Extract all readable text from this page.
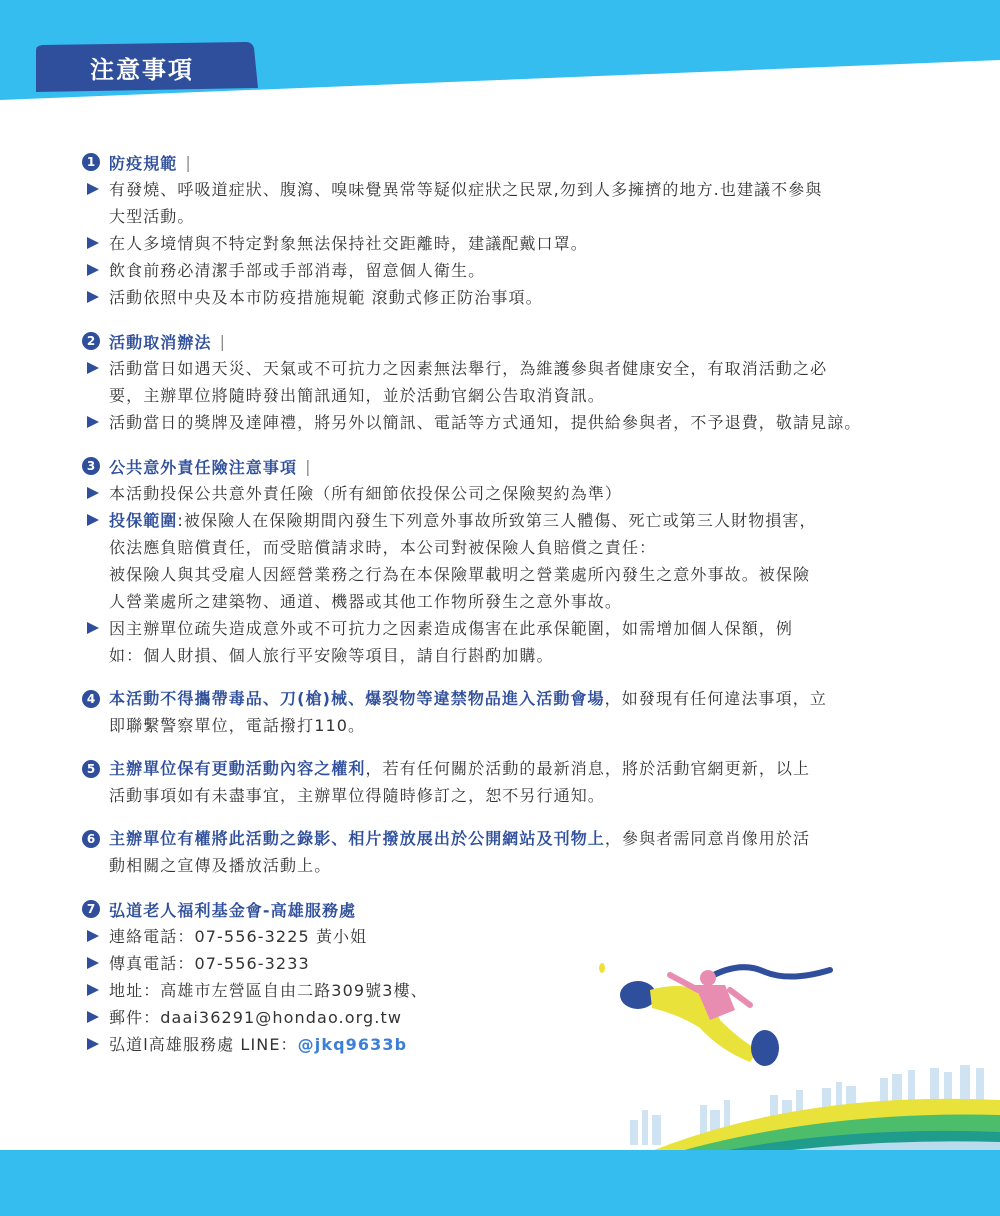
注意事項
1 防疫規範 |
有發燒、呼吸道症狀、腹瀉、嗅味覺異常等疑似症狀之民眾,勿到人多擁擠的地方.也建議不參與
大型活動。
在人多境情與不特定對象無法保持社交距離時，建議配戴口罩。
飲食前務必清潔手部或手部消毒，留意個人衛生。
活動依照中央及本市防疫措施規範 滾動式修正防治事項。
2 活動取消辦法 |
活動當日如遇天災、天氣或不可抗力之因素無法舉行，為維護參與者健康安全，有取消活動之必
要，主辦單位將隨時發出簡訊通知，並於活動官網公告取消資訊。
活動當日的獎牌及達陣禮，將另外以簡訊、電話等方式通知，提供給參與者，不予退費，敬請見諒。
3 公共意外責任險注意事項 |
本活動投保公共意外責任險（所有細節依投保公司之保險契約為準）
投保範圍:被保險人在保險期間內發生下列意外事故所致第三人體傷、死亡或第三人財物損害，
依法應負賠償責任，而受賠償請求時，本公司對被保險人負賠償之責任：
被保險人與其受雇人因經營業務之行為在本保險單載明之營業處所內發生之意外事故。被保險
人營業處所之建築物、通道、機器或其他工作物所發生之意外事故。
因主辦單位疏失造成意外或不可抗力之因素造成傷害在此承保範圍，如需增加個人保額，例
如：個人財損、個人旅行平安險等項目，請自行斟酌加購。
4 本活動不得攜帶毒品、刀(槍)械、爆裂物等違禁物品進入活動會場，如發現有任何違法事項，立
即聯繫警察單位，電話撥打110。
5 主辦單位保有更動活動內容之權利，若有任何關於活動的最新消息，將於活動官網更新，以上
活動事項如有未盡事宜，主辦單位得隨時修訂之，恕不另行通知。
6 主辦單位有權將此活動之錄影、相片撥放展出於公開網站及刊物上，參與者需同意肖像用於活
動相關之宣傳及播放活動上。
7 弘道老人福利基金會-高雄服務處
連絡電話：07-556-3225 黃小姐
傳真電話：07-556-3233
地址：高雄市左營區自由二路309號3樓、
郵件：daai36291@hondao.org.tw
弘道l高雄服務處 LINE：@jkq9633b
